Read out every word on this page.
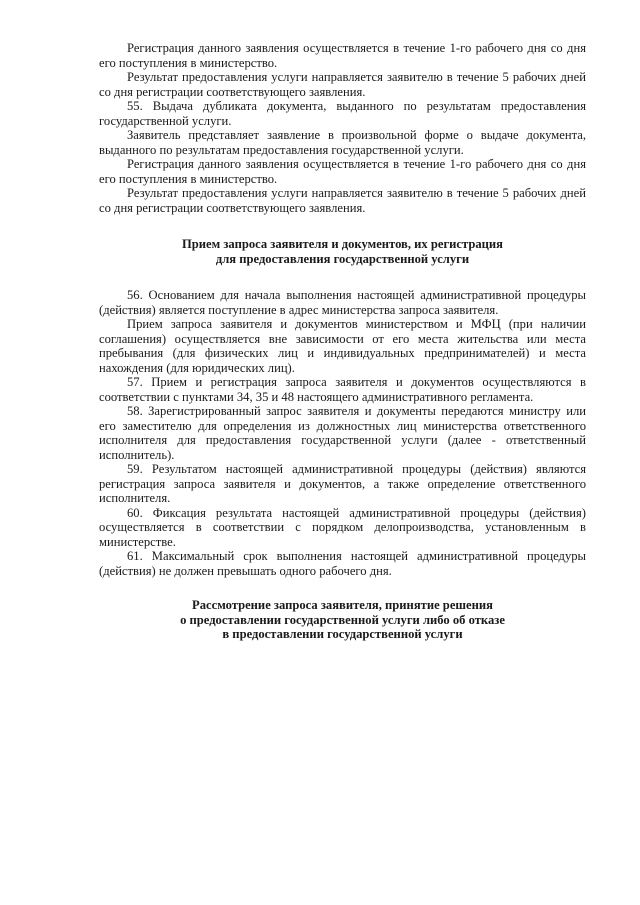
Регистрация данного заявления осуществляется в течение 1-го рабочего дня со дня его поступления в министерство.

Результат предоставления услуги направляется заявителю в течение 5 рабочих дней со дня регистрации соответствующего заявления.

55. Выдача дубликата документа, выданного по результатам предоставления государственной услуги.

Заявитель представляет заявление в произвольной форме о выдаче документа, выданного по результатам предоставления государственной услуги.

Регистрация данного заявления осуществляется в течение 1-го рабочего дня со дня его поступления в министерство.

Результат предоставления услуги направляется заявителю в течение 5 рабочих дней со дня регистрации соответствующего заявления.

Прием запроса заявителя и документов, их регистрация
для предоставления государственной услуги

56. Основанием для начала выполнения настоящей административной процедуры (действия) является поступление в адрес министерства запроса заявителя.

Прием запроса заявителя и документов министерством и МФЦ (при наличии соглашения) осуществляется вне зависимости от его места жительства или места пребывания (для физических лиц и индивидуальных предпринимателей) и места нахождения (для юридических лиц).

57. Прием и регистрация запроса заявителя и документов осуществляются в соответствии с пунктами 34, 35 и 48 настоящего административного регламента.

58. Зарегистрированный запрос заявителя и документы передаются министру или его заместителю для определения из должностных лиц министерства ответственного исполнителя для предоставления государственной услуги (далее - ответственный исполнитель).

59. Результатом настоящей административной процедуры (действия) являются регистрация запроса заявителя и документов, а также определение ответственного исполнителя.

60. Фиксация результата настоящей административной процедуры (действия) осуществляется в соответствии с порядком делопроизводства, установленным в министерстве.

61. Максимальный срок выполнения настоящей административной процедуры (действия) не должен превышать одного рабочего дня.

Рассмотрение запроса заявителя, принятие решения
о предоставлении государственной услуги либо об отказе
в предоставлении государственной услуги
